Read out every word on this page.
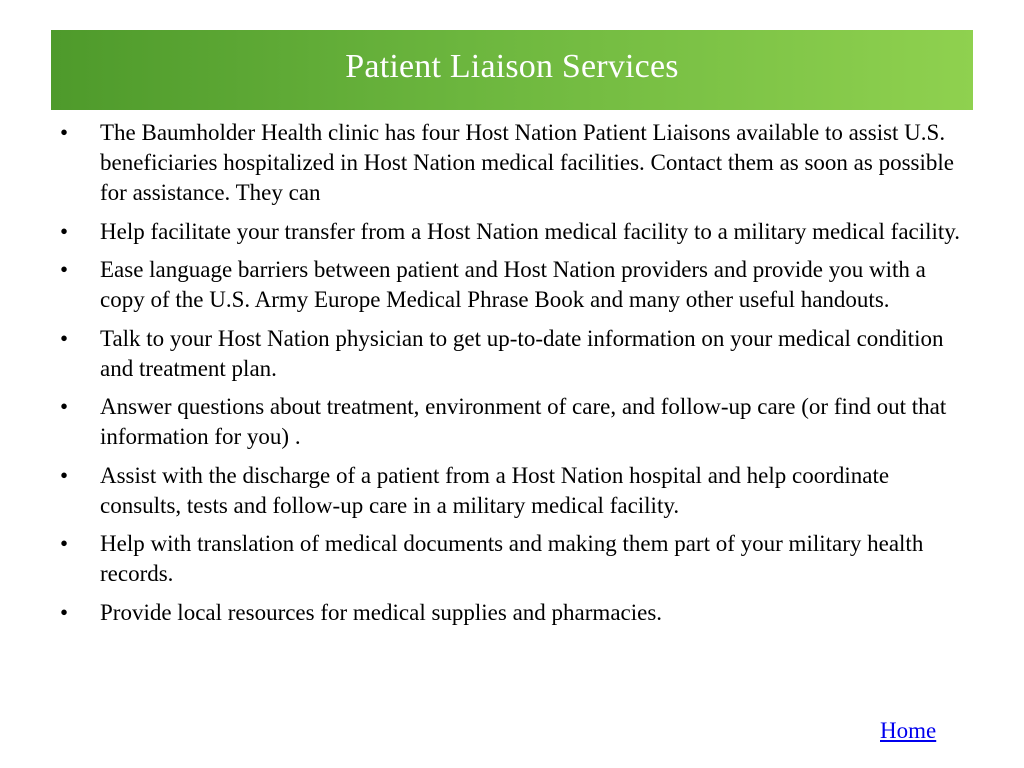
Patient Liaison Services
• The Baumholder Health clinic has four Host Nation Patient Liaisons available to assist U.S. beneficiaries hospitalized in Host Nation medical facilities. Contact them as soon as possible for assistance. They can
• Help facilitate your transfer from a Host Nation medical facility to a military medical facility.
• Ease language barriers between patient and Host Nation providers and provide you with a copy of the U.S. Army Europe Medical Phrase Book and many other useful handouts.
• Talk to your Host Nation physician to get up-to-date information on your medical condition and treatment plan.
• Answer questions about treatment, environment of care, and follow-up care (or find out that information for you) .
• Assist with the discharge of a patient from a Host Nation hospital and help coordinate consults, tests and follow-up care in a military medical facility.
• Help with translation of medical documents and making them part of your military health records.
• Provide local resources for medical supplies and pharmacies.
Home
